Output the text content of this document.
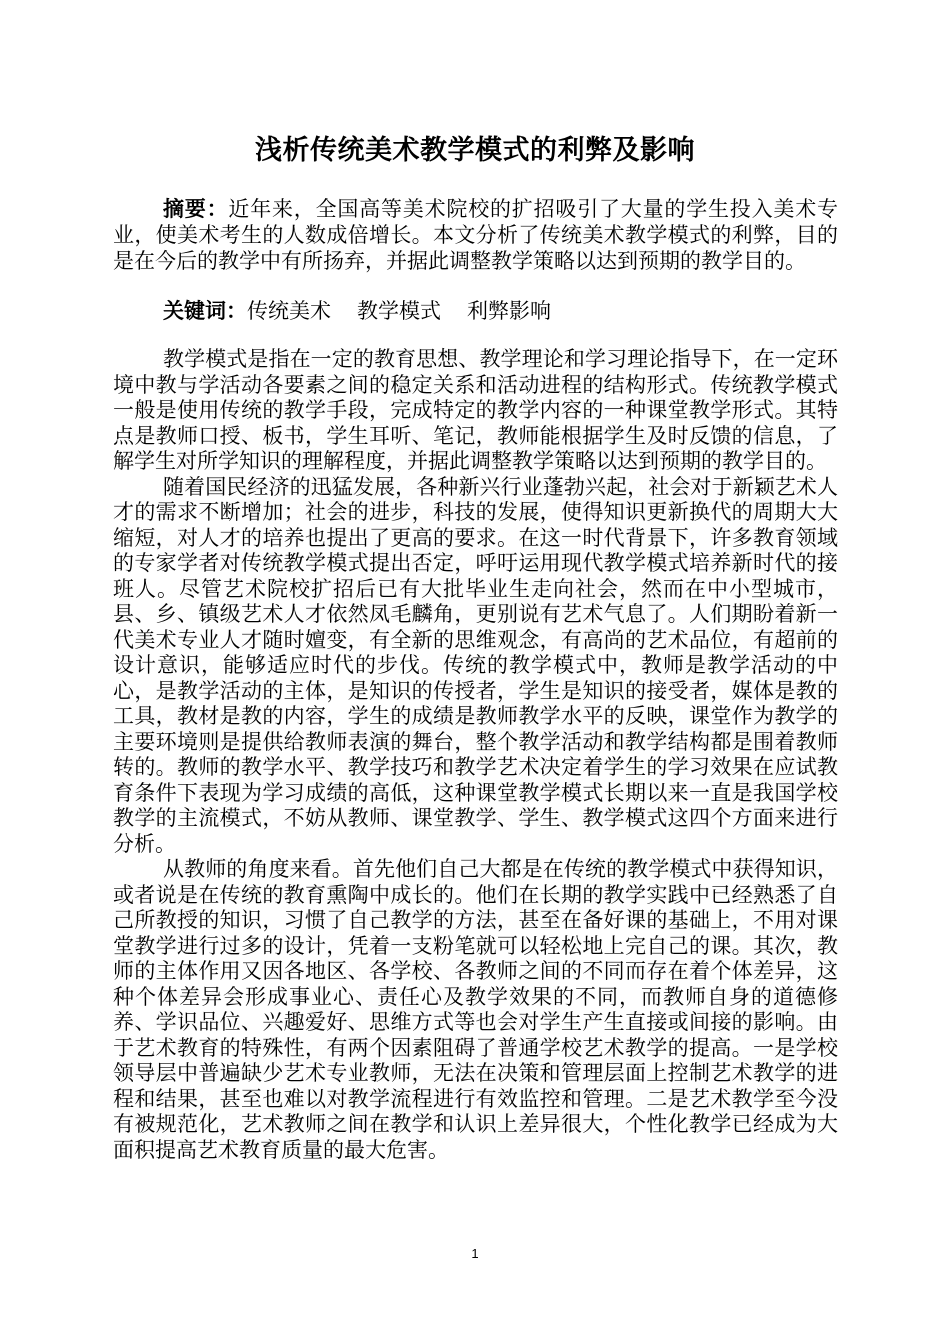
浅析传统美术教学模式的利弊及影响

摘要：近年来，全国高等美术院校的扩招吸引了大量的学生投入美术专业，使美术考生的人数成倍增长。本文分析了传统美术教学模式的利弊，目的是在今后的教学中有所扬弃，并据此调整教学策略以达到预期的教学目的。

关键词：传统美术 教学模式 利弊影响

教学模式是指在一定的教育思想、教学理论和学习理论指导下，在一定环境中教与学活动各要素之间的稳定关系和活动进程的结构形式。传统教学模式一般是使用传统的教学手段，完成特定的教学内容的一种课堂教学形式。其特点是教师口授、板书，学生耳听、笔记，教师能根据学生及时反馈的信息，了解学生对所学知识的理解程度，并据此调整教学策略以达到预期的教学目的。

随着国民经济的迅猛发展，各种新兴行业蓬勃兴起，社会对于新颖艺术人才的需求不断增加；社会的进步，科技的发展，使得知识更新换代的周期大大缩短，对人才的培养也提出了更高的要求。在这一时代背景下，许多教育领域的专家学者对传统教学模式提出否定，呼吁运用现代教学模式培养新时代的接班人。尽管艺术院校扩招后已有大批毕业生走向社会，然而在中小型城市，县、乡、镇级艺术人才依然凤毛麟角，更别说有艺术气息了。人们期盼着新一代美术专业人才随时嬗变，有全新的思维观念，有高尚的艺术品位，有超前的设计意识，能够适应时代的步伐。传统的教学模式中，教师是教学活动的中心，是教学活动的主体，是知识的传授者，学生是知识的接受者，媒体是教的工具，教材是教的内容，学生的成绩是教师教学水平的反映，课堂作为教学的主要环境则是提供给教师表演的舞台，整个教学活动和教学结构都是围着教师转的。教师的教学水平、教学技巧和教学艺术决定着学生的学习效果在应试教育条件下表现为学习成绩的高低，这种课堂教学模式长期以来一直是我国学校教学的主流模式，不妨从教师、课堂教学、学生、教学模式这四个方面来进行分析。

从教师的角度来看。首先他们自己大都是在传统的教学模式中获得知识，或者说是在传统的教育熏陶中成长的。他们在长期的教学实践中已经熟悉了自己所教授的知识，习惯了自己教学的方法，甚至在备好课的基础上，不用对课堂教学进行过多的设计，凭着一支粉笔就可以轻松地上完自己的课。其次，教师的主体作用又因各地区、各学校、各教师之间的不同而存在着个体差异，这种个体差异会形成事业心、责任心及教学效果的不同，而教师自身的道德修养、学识品位、兴趣爱好、思维方式等也会对学生产生直接或间接的影响。由于艺术教育的特殊性，有两个因素阻碍了普通学校艺术教学的提高。一是学校领导层中普遍缺少艺术专业教师，无法在决策和管理层面上控制艺术教学的进程和结果，甚至也难以对教学流程进行有效监控和管理。二是艺术教学至今没有被规范化，艺术教师之间在教学和认识上差异很大，个性化教学已经成为大面积提高艺术教育质量的最大危害。

1
